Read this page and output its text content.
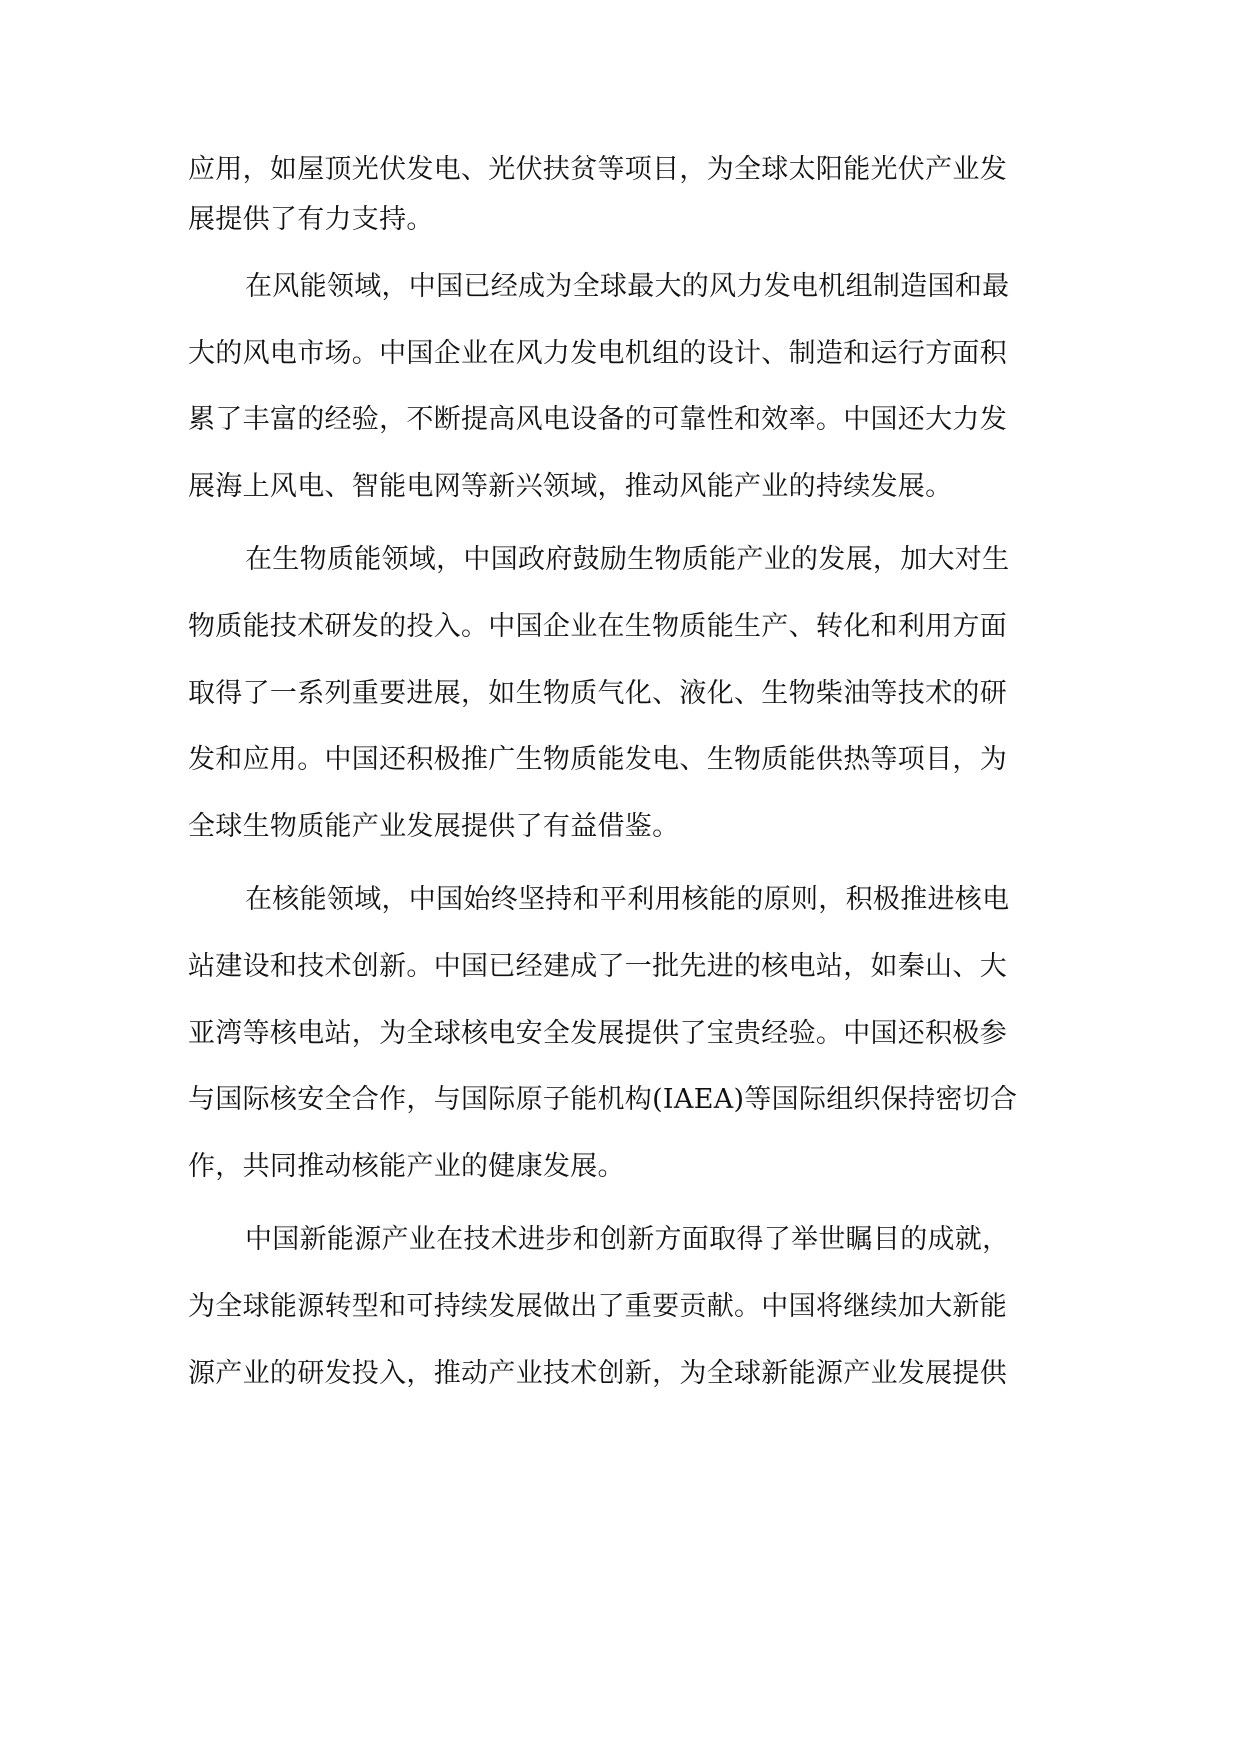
应用，如屋顶光伏发电、光伏扶贫等项目，为全球太阳能光伏产业发
展提供了有力支持。
在风能领域，中国已经成为全球最大的风力发电机组制造国和最
大的风电市场。中国企业在风力发电机组的设计、制造和运行方面积
累了丰富的经验，不断提高风电设备的可靠性和效率。中国还大力发
展海上风电、智能电网等新兴领域，推动风能产业的持续发展。
在生物质能领域，中国政府鼓励生物质能产业的发展，加大对生
物质能技术研发的投入。中国企业在生物质能生产、转化和利用方面
取得了一系列重要进展，如生物质气化、液化、生物柴油等技术的研
发和应用。中国还积极推广生物质能发电、生物质能供热等项目，为
全球生物质能产业发展提供了有益借鉴。
在核能领域，中国始终坚持和平利用核能的原则，积极推进核电
站建设和技术创新。中国已经建成了一批先进的核电站，如秦山、大
亚湾等核电站，为全球核电安全发展提供了宝贵经验。中国还积极参
与国际核安全合作，与国际原子能机构(IAEA)等国际组织保持密切合
作，共同推动核能产业的健康发展。
中国新能源产业在技术进步和创新方面取得了举世瞩目的成就，
为全球能源转型和可持续发展做出了重要贡献。中国将继续加大新能
源产业的研发投入，推动产业技术创新，为全球新能源产业发展提供
